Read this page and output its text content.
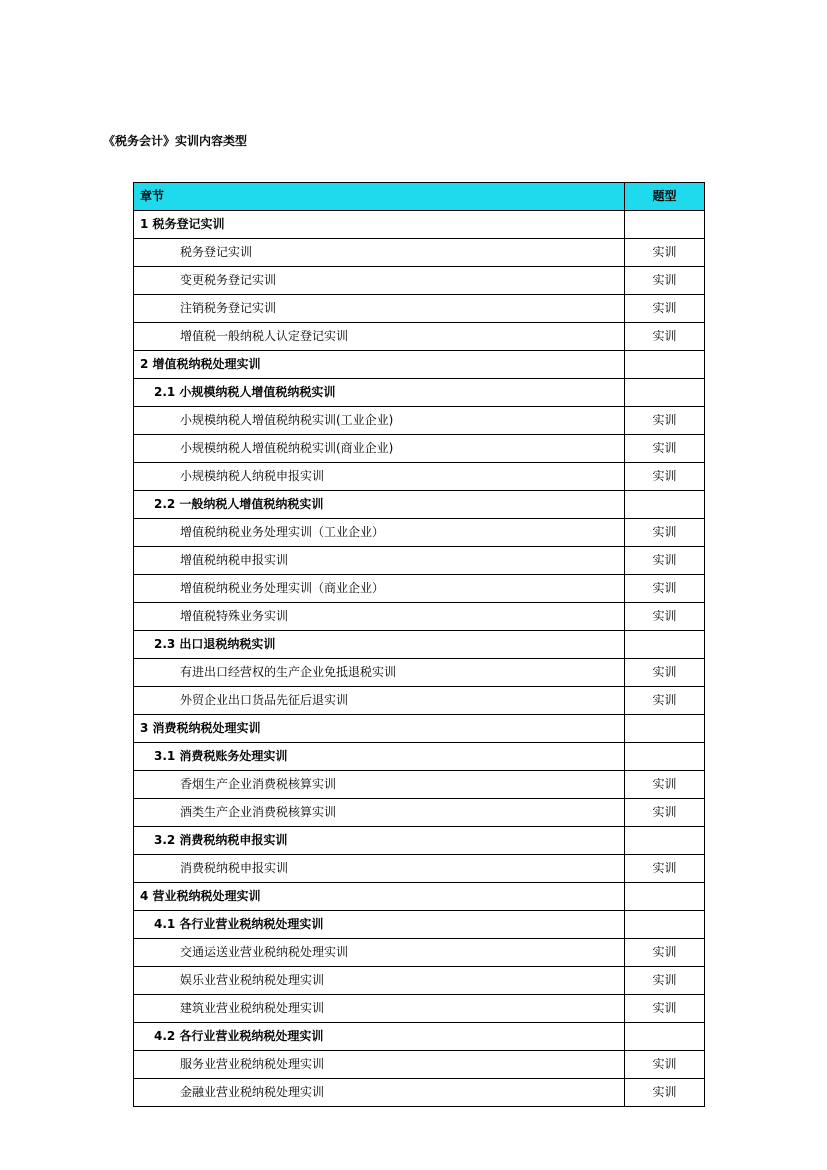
《税务会计》实训内容类型
章节	题型
1 税务登记实训	
税务登记实训	实训
变更税务登记实训	实训
注销税务登记实训	实训
增值税一般纳税人认定登记实训	实训
2 增值税纳税处理实训	
2.1 小规模纳税人增值税纳税实训	
小规模纳税人增值税纳税实训(工业企业)	实训
小规模纳税人增值税纳税实训(商业企业)	实训
小规模纳税人纳税申报实训	实训
2.2 一般纳税人增值税纳税实训	
增值税纳税业务处理实训（工业企业）	实训
增值税纳税申报实训	实训
增值税纳税业务处理实训（商业企业）	实训
增值税特殊业务实训	实训
2.3 出口退税纳税实训	
有进出口经营权的生产企业免抵退税实训	实训
外贸企业出口货品先征后退实训	实训
3 消费税纳税处理实训	
3.1 消费税账务处理实训	
香烟生产企业消费税核算实训	实训
酒类生产企业消费税核算实训	实训
3.2 消费税纳税申报实训	
消费税纳税申报实训	实训
4 营业税纳税处理实训	
4.1 各行业营业税纳税处理实训	
交通运送业营业税纳税处理实训	实训
娱乐业营业税纳税处理实训	实训
建筑业营业税纳税处理实训	实训
4.2 各行业营业税纳税处理实训	
服务业营业税纳税处理实训	实训
金融业营业税纳税处理实训	实训
